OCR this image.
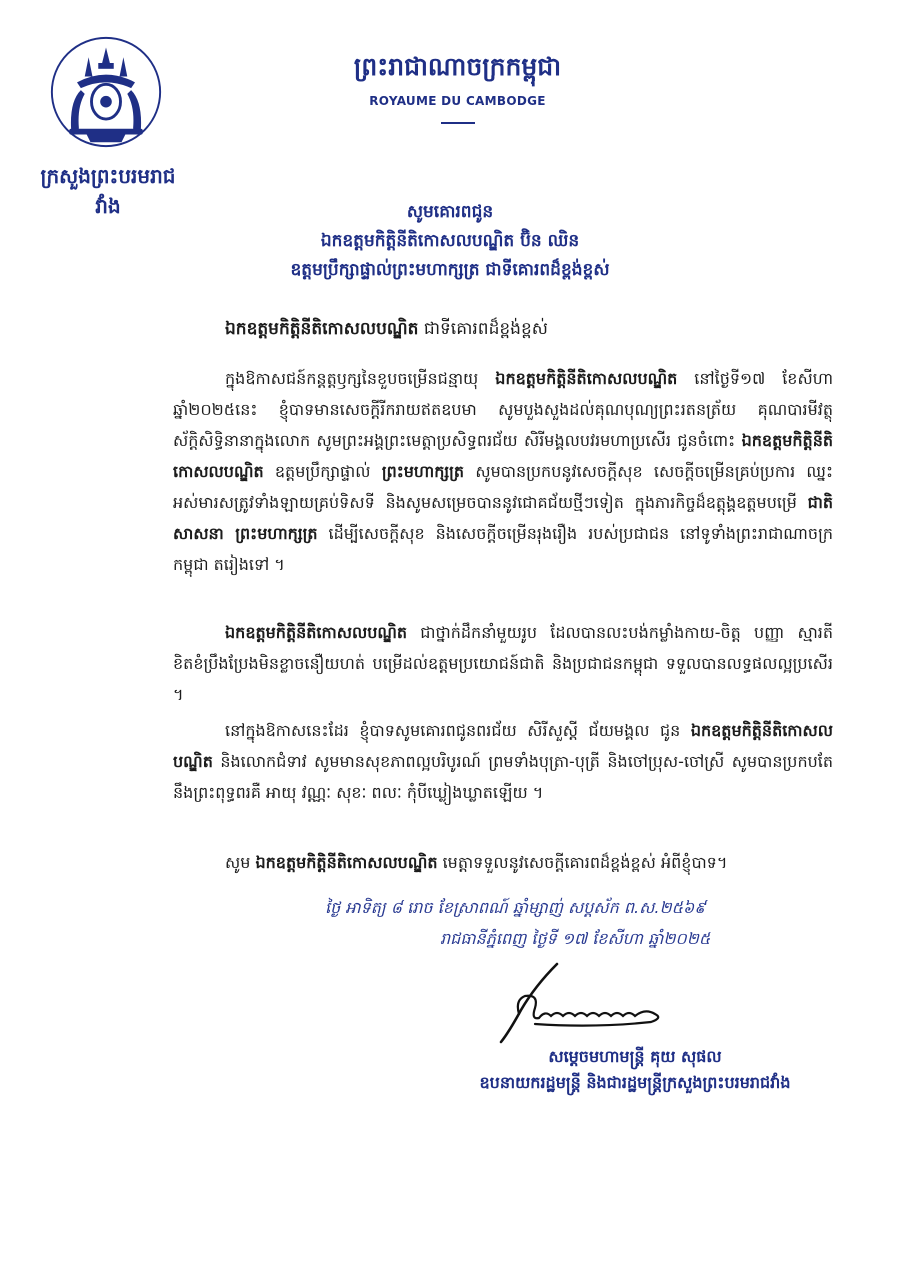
ក្រសួងព្រះបរមរាជវាំង
ព្រះរាជាណាចក្រកម្ពុជា
ROYAUME DU CAMBODGE
សូមគោរពជូន
ឯកឧត្តមកិត្តិនីតិកោសលបណ្ឌិត ប៊ិន ឈិន
ឧត្តមប្រឹក្សាផ្ទាល់ព្រះមហាក្សត្រ ជាទីគោរពដ៏ខ្ពង់ខ្ពស់
ឯកឧត្តមកិត្តិនីតិកោសលបណ្ឌិត ជាទីគោរពដ៏ខ្ពង់ខ្ពស់

ក្នុងឱកាសជន៍កន្តត្តឫក្សនៃខួបចម្រើនជន្មាយុ ឯកឧត្តមកិត្តិនីតិកោសលបណ្ឌិត នៅថ្ងៃទី១៧ ខែសីហា ឆ្នាំ២០២៥នេះ ខ្ញុំបាទមានសេចក្តីរីករាយឥតឧបមា សូមបួងសួងដល់គុណបុណ្យព្រះរតនត្រ័យ គុណបារមីវត្ថុស័ក្តិសិទ្ធិនានាក្នុងលោក សូមព្រះអង្គព្រះមេត្តាប្រសិទ្ធពរជ័យ សិរីមង្គលបវរមហាប្រសើរ ជូនចំពោះ ឯកឧត្តមកិត្តិនីតិកោសលបណ្ឌិត ឧត្តមប្រឹក្សាផ្ទាល់ ព្រះមហាក្សត្រ សូមបានប្រកបនូវសេចក្តីសុខ សេចក្តីចម្រើនគ្រប់ប្រការ ឈ្នះអស់មារសត្រូវទាំងឡាយគ្រប់ទិសទី និងសូមសម្រេចបាននូវជោគជ័យថ្មីៗទៀត ក្នុងភារកិច្ចដ៏ឧត្តុង្គឧត្តមបម្រើ ជាតិ សាសនា ព្រះមហាក្សត្រ ដើម្បីសេចក្តីសុខ និងសេចក្តីចម្រើនរុងរឿង របស់ប្រជាជន នៅទូទាំងព្រះរាជាណាចក្រកម្ពុជា តរៀងទៅ ។

ឯកឧត្តមកិត្តិនីតិកោសលបណ្ឌិត ជាថ្នាក់ដឹកនាំមួយរូប ដែលបានលះបង់កម្លាំងកាយ-ចិត្ត បញ្ញា ស្មារតី ខិតខំប្រឹងប្រែងមិនខ្លាចនឿយហត់ បម្រើដល់ឧត្តមប្រយោជន៍ជាតិ និងប្រជាជនកម្ពុជា ទទួលបានលទ្ធផលល្អប្រសើរ ។

នៅក្នុងឱកាសនេះដែរ ខ្ញុំបាទសូមគោរពជូនពរជ័យ សិរីសួស្តី ជ័យមង្គល ជូន ឯកឧត្តមកិត្តិនីតិកោសលបណ្ឌិត និងលោកជំទាវ សូមមានសុខភាពល្អបរិបូរណ៍ ព្រមទាំងបុត្រា-បុត្រី និងចៅប្រុស-ចៅស្រី សូមបានប្រកបតែនឹងព្រះពុទ្ធពរគឺ អាយុ វណ្ណៈ សុខៈ ពលៈ កុំបីឃ្លៀងឃ្លាតឡើយ ។

សូម ឯកឧត្តមកិត្តិនីតិកោសលបណ្ឌិត មេត្តាទទួលនូវសេចក្តីគោរពដ៏ខ្ពង់ខ្ពស់ អំពីខ្ញុំបាទ។

ថ្ងៃ អាទិត្យ ៨ រោច ខែស្រាពណ៍ ឆ្នាំម្សាញ់ សប្តស័ក ព.ស.២៥៦៩
រាជធានីភ្នំពេញ ថ្ងៃទី ១៧ ខែសីហា ឆ្នាំ២០២៥
សម្តេចមហាមន្ត្រី គុយ សុផល
ឧបនាយករដ្ឋមន្ត្រី និងជារដ្ឋមន្ត្រីក្រសួងព្រះបរមរាជវាំង
